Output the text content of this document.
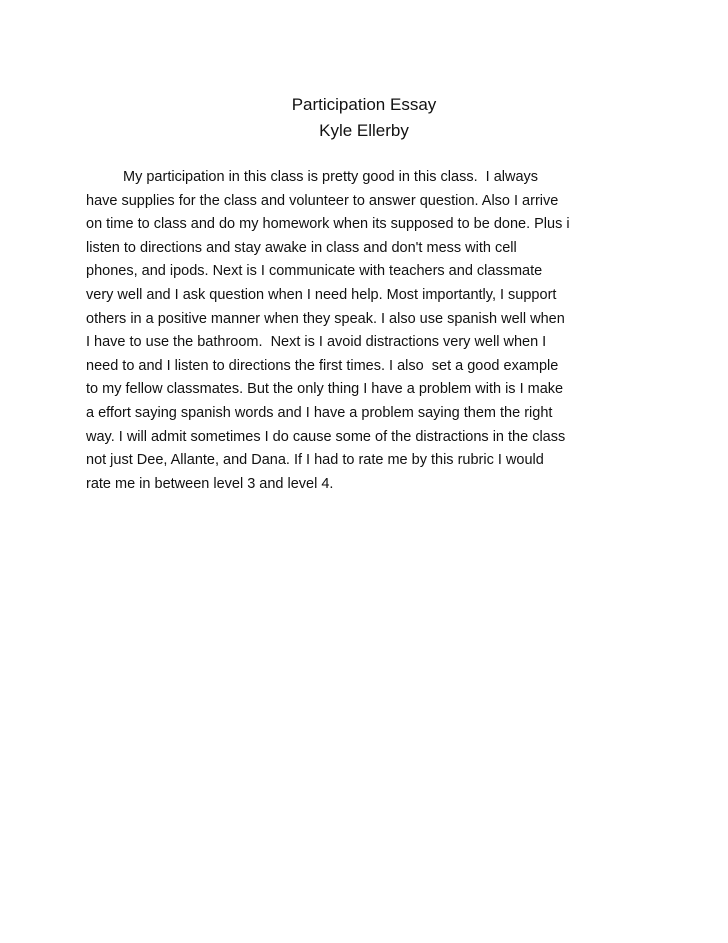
Participation Essay
Kyle Ellerby
My participation in this class is pretty good in this class.  I always
have supplies for the class and volunteer to answer question. Also I arrive
on time to class and do my homework when its supposed to be done. Plus i
listen to directions and stay awake in class and don't mess with cell
phones, and ipods. Next is I communicate with teachers and classmate
very well and I ask question when I need help. Most importantly, I support
others in a positive manner when they speak. I also use spanish well when
I have to use the bathroom.  Next is I avoid distractions very well when I
need to and I listen to directions the first times. I also  set a good example
to my fellow classmates. But the only thing I have a problem with is I make
a effort saying spanish words and I have a problem saying them the right
way. I will admit sometimes I do cause some of the distractions in the class
not just Dee, Allante, and Dana. If I had to rate me by this rubric I would
rate me in between level 3 and level 4.
